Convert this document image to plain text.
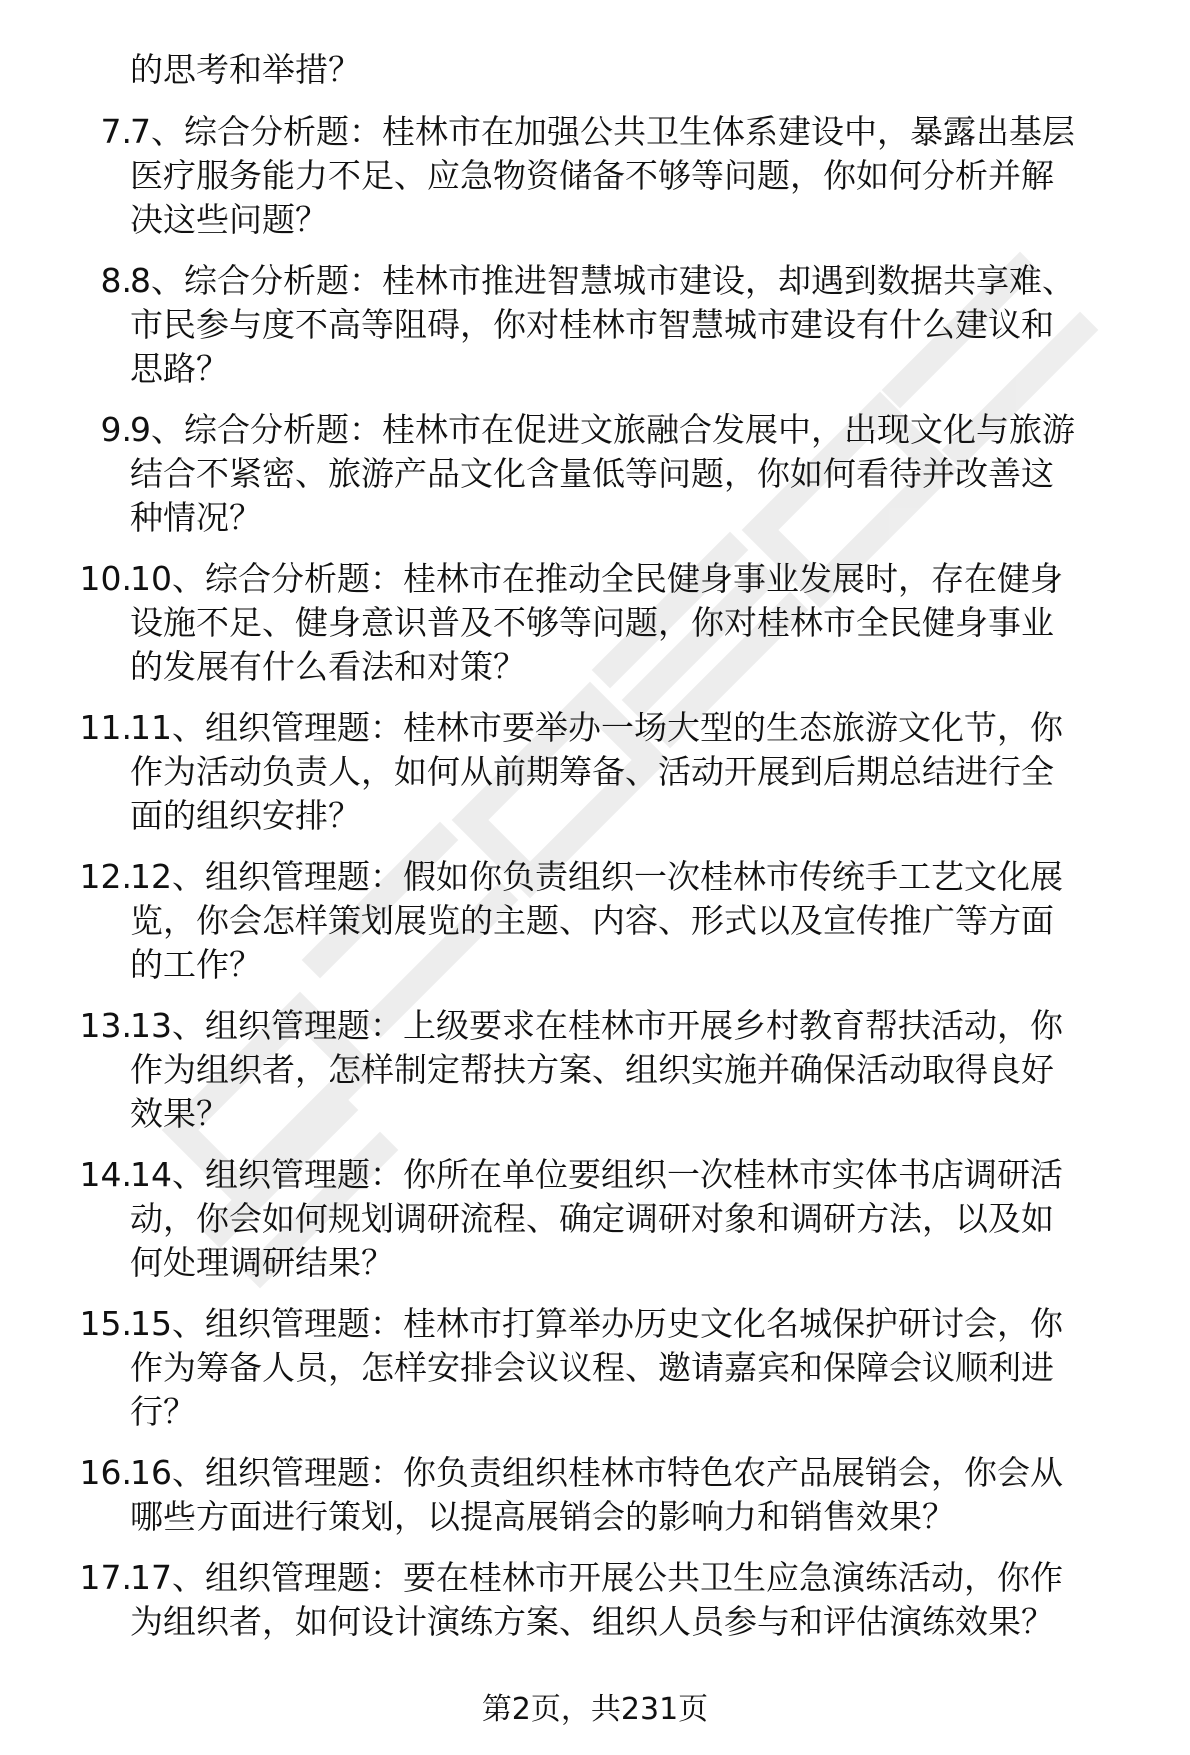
的思考和举措？
7.
7、综合分析题：桂林市在加强公共卫生体系建设中，暴露出基层
医疗服务能力不足、应急物资储备不够等问题，你如何分析并解
决这些问题？
8.
8、综合分析题：桂林市推进智慧城市建设，却遇到数据共享难、
市民参与度不高等阻碍，你对桂林市智慧城市建设有什么建议和
思路？
9.
9、综合分析题：桂林市在促进文旅融合发展中，出现文化与旅游
结合不紧密、旅游产品文化含量低等问题，你如何看待并改善这
种情况？
10.
10、综合分析题：桂林市在推动全民健身事业发展时，存在健身
设施不足、健身意识普及不够等问题，你对桂林市全民健身事业
的发展有什么看法和对策？
11.
11、组织管理题：桂林市要举办一场大型的生态旅游文化节，你
作为活动负责人，如何从前期筹备、活动开展到后期总结进行全
面的组织安排？
12.
12、组织管理题：假如你负责组织一次桂林市传统手工艺文化展
览，你会怎样策划展览的主题、内容、形式以及宣传推广等方面
的工作？
13.
13、组织管理题：上级要求在桂林市开展乡村教育帮扶活动，你
作为组织者，怎样制定帮扶方案、组织实施并确保活动取得良好
效果？
14.
14、组织管理题：你所在单位要组织一次桂林市实体书店调研活
动，你会如何规划调研流程、确定调研对象和调研方法，以及如
何处理调研结果？
15.
15、组织管理题：桂林市打算举办历史文化名城保护研讨会，你
作为筹备人员，怎样安排会议议程、邀请嘉宾和保障会议顺利进
行？
16.
16、组织管理题：你负责组织桂林市特色农产品展销会，你会从
哪些方面进行策划，以提高展销会的影响力和销售效果？
17.
17、组织管理题：要在桂林市开展公共卫生应急演练活动，你作
为组织者，如何设计演练方案、组织人员参与和评估演练效果？
第2页，共231页
